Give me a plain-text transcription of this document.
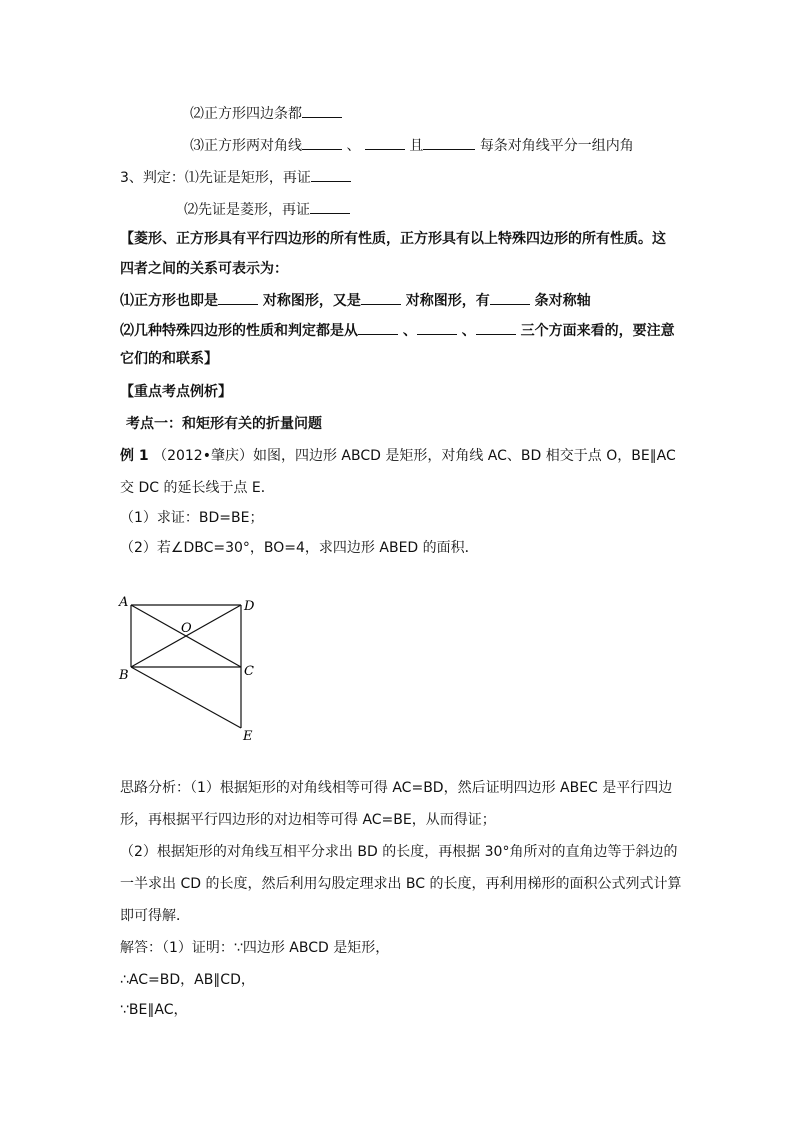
⑵正方形四边条都
⑶正方形两对角线	、	且	每条对角线平分一组内角
3、判定：⑴先证是矩形，再证
⑵先证是菱形，再证
【菱形、正方形具有平行四边形的所有性质，正方形具有以上特殊四边形的所有性质。这
四者之间的关系可表示为：
⑴正方形也即是	对称图形，又是	对称图形，有	条对称轴
⑵几种特殊四边形的性质和判定都是从	、	、	三个方面来看的，要注意
它们的和联系】
【重点考点例析】
考点一：和矩形有关的折量问题
例 1 （2012•肇庆）如图，四边形 ABCD 是矩形，对角线 AC、BD 相交于点 O，BE∥AC
交 DC 的延长线于点 E．
（1）求证：BD=BE；
（2）若∠DBC=30°，BO=4，求四边形 ABED 的面积．
A	D
O
B	C
E
思路分析：（1）根据矩形的对角线相等可得 AC=BD，然后证明四边形 ABEC 是平行四边
形，再根据平行四边形的对边相等可得 AC=BE，从而得证；
（2）根据矩形的对角线互相平分求出 BD 的长度，再根据 30°角所对的直角边等于斜边的
一半求出 CD 的长度，然后利用勾股定理求出 BC 的长度，再利用梯形的面积公式列式计算
即可得解．
解答：（1）证明：∵四边形 ABCD 是矩形，
∴AC=BD，AB∥CD，
∵BE∥AC，
